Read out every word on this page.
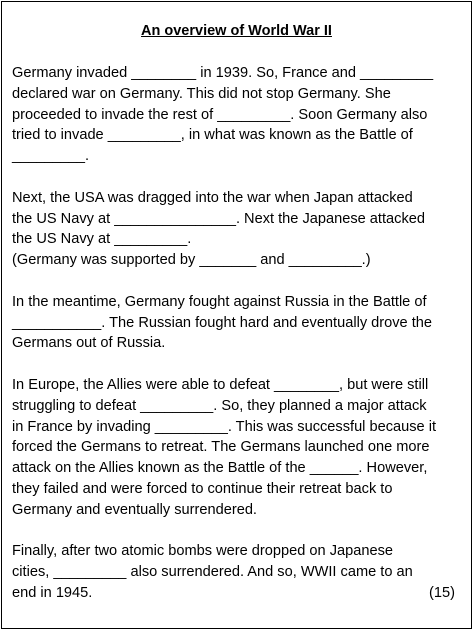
An overview of World War II
Germany invaded ________ in 1939. So, France and _________
declared war on Germany. This did not stop Germany. She
proceeded to invade the rest of _________. Soon Germany also
tried to invade _________, in what was known as the Battle of
_________.
Next, the USA was dragged into the war when Japan attacked
the US Navy at _______________. Next the Japanese attacked
the US Navy at _________.
(Germany was supported by _______ and _________.)
In the meantime, Germany fought against Russia in the Battle of
___________. The Russian fought hard and eventually drove the
Germans out of Russia.
In Europe, the Allies were able to defeat ________, but were still
struggling to defeat _________. So, they planned a major attack
in France by invading _________. This was successful because it
forced the Germans to retreat. The Germans launched one more
attack on the Allies known as the Battle of the ______. However,
they failed and were forced to continue their retreat back to
Germany and eventually surrendered.
Finally, after two atomic bombs were dropped on Japanese
cities, _________ also surrendered. And so, WWII came to an
end in 1945.	(15)
